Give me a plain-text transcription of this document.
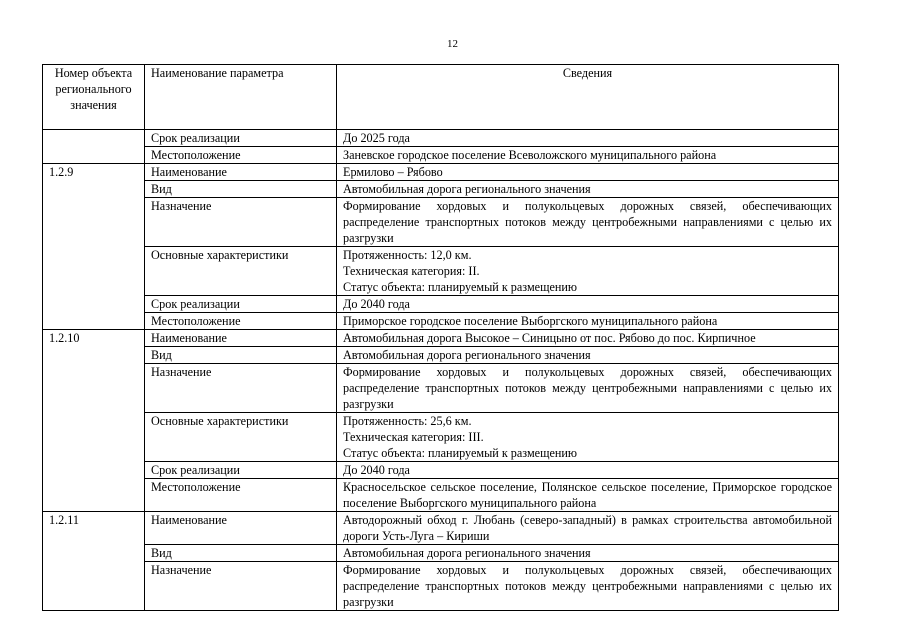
12
Номер объекта регионального значения	Наименование параметра	Сведения
	Срок реализации	До 2025 года
	Местоположение	Заневское городское поселение Всеволожского муниципального района
1.2.9	Наименование	Ермилово – Рябово
	Вид	Автомобильная дорога регионального значения
	Назначение	Формирование хордовых и полукольцевых дорожных связей, обеспечивающих распределение транспортных потоков между центробежными направлениями с целью их разгрузки
	Основные характеристики	Протяженность: 12,0 км.
Техническая категория: II.
Статус объекта: планируемый к размещению

	Срок реализации	До 2040 года
	Местоположение	Приморское городское поселение Выборгского муниципального района
1.2.10	Наименование	Автомобильная дорога Высокое – Синицыно от пос. Рябово до пос. Кирпичное
	Вид	Автомобильная дорога регионального значения
	Назначение	Формирование хордовых и полукольцевых дорожных связей, обеспечивающих распределение транспортных потоков между центробежными направлениями с целью их разгрузки
	Основные характеристики	Протяженность: 25,6 км.
Техническая категория: III.
Статус объекта: планируемый к размещению

	Срок реализации	До 2040 года
	Местоположение	Красносельское сельское поселение, Полянское сельское поселение, Приморское городское поселение Выборгского муниципального района
1.2.11	Наименование	Автодорожный обход г. Любань (северо-западный) в рамках строительства автомобильной дороги Усть-Луга – Кириши
	Вид	Автомобильная дорога регионального значения
	Назначение	Формирование хордовых и полукольцевых дорожных связей, обеспечивающих распределение транспортных потоков между центробежными направлениями с целью их разгрузки
